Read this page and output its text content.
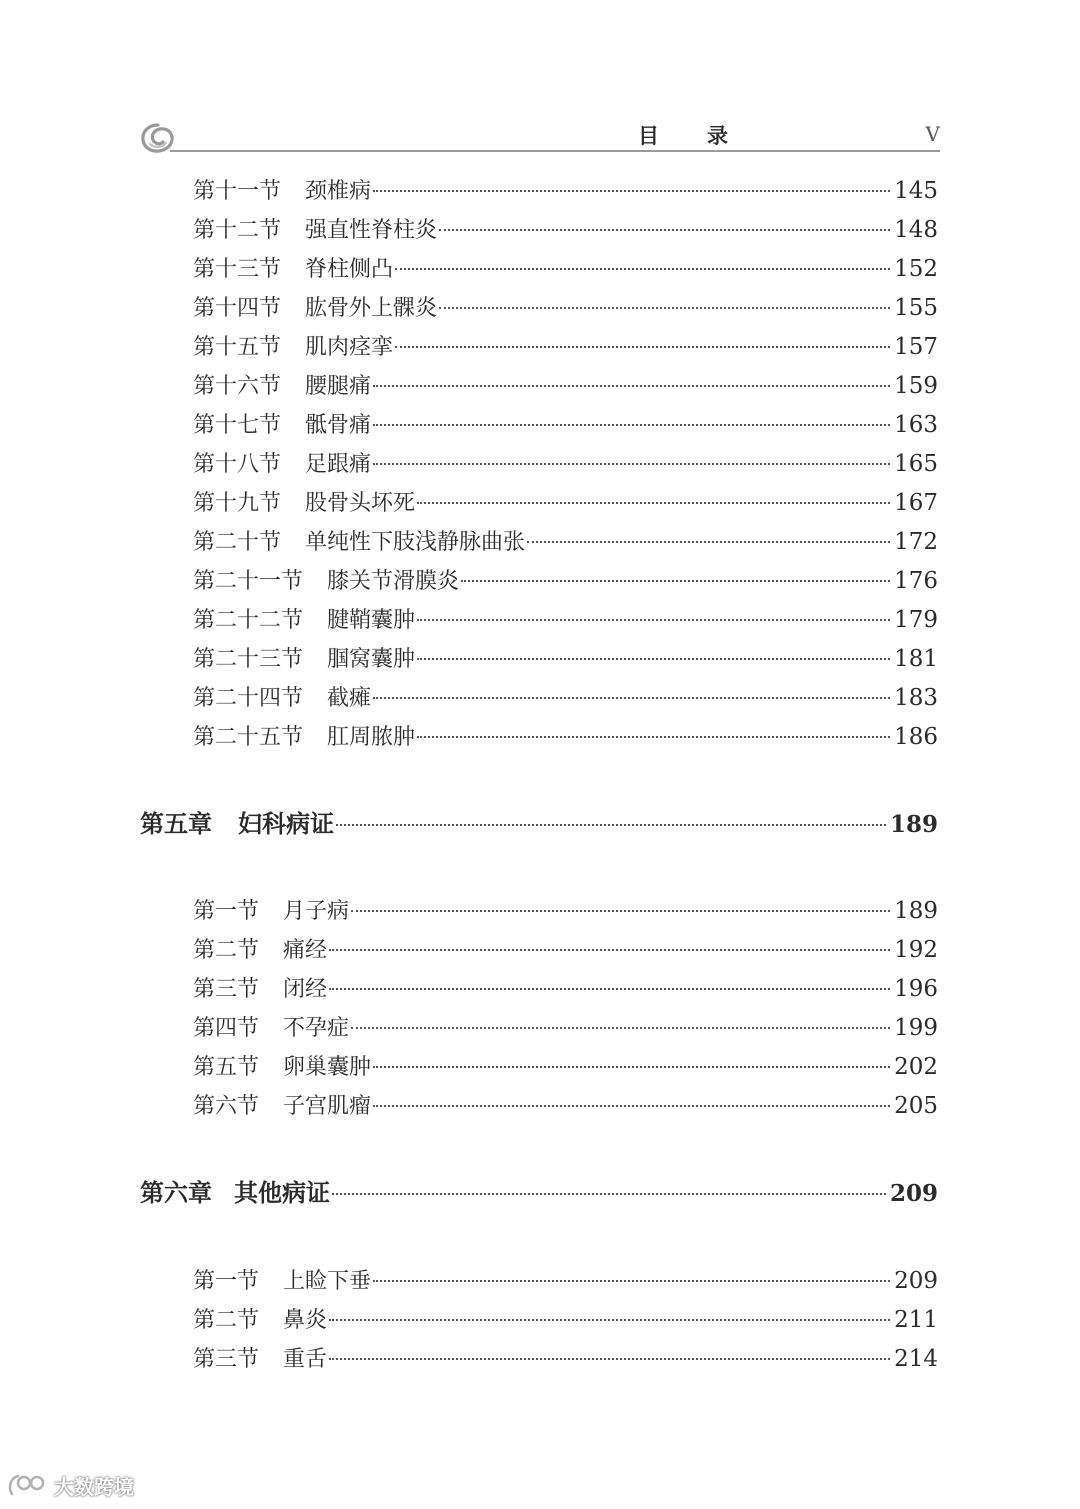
目 录	V
第十一节 颈椎病	145
第十二节 强直性脊柱炎	148
第十三节 脊柱侧凸	152
第十四节 肱骨外上髁炎	155
第十五节 肌肉痉挛	157
第十六节 腰腿痛	159
第十七节 骶骨痛	163
第十八节 足跟痛	165
第十九节 股骨头坏死	167
第二十节 单纯性下肢浅静脉曲张	172
第二十一节 膝关节滑膜炎	176
第二十二节 腱鞘囊肿	179
第二十三节 腘窝囊肿	181
第二十四节 截瘫	183
第二十五节 肛周脓肿	186
第五章 妇科病证	189
第一节 月子病	189
第二节 痛经	192
第三节 闭经	196
第四节 不孕症	199
第五节 卵巢囊肿	202
第六节 子宫肌瘤	205
第六章 其他病证	209
第一节 上睑下垂	209
第二节 鼻炎	211
第三节 重舌	214
大数跨境
